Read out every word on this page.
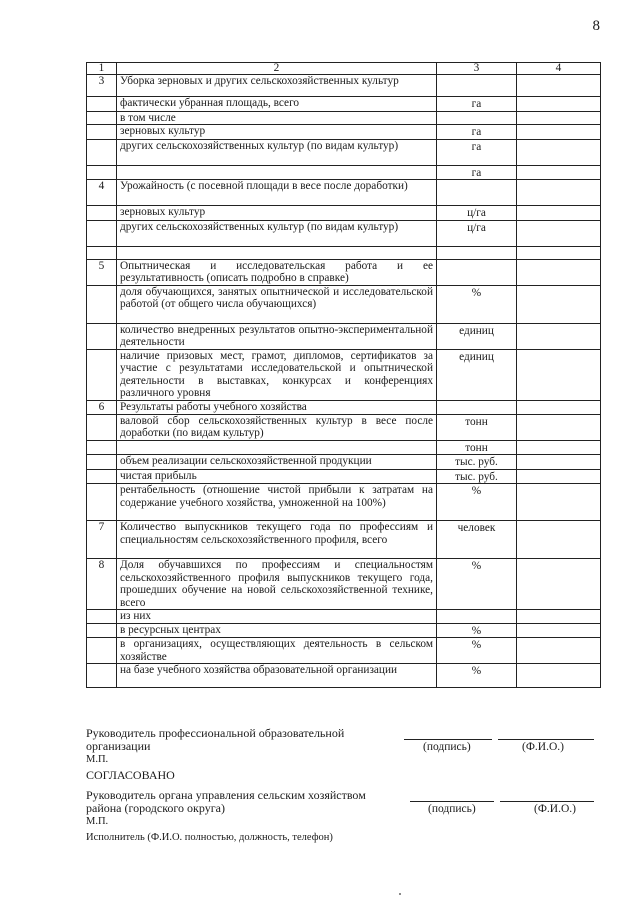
8
1	2	3	4
3	Уборка зерновых и других сельскохозяйственных культур		
	фактически убранная площадь, всего	га	
	в том числе		
	зерновых культур	га	
	других сельскохозяйственных культур (по видам культур)	га	
		га	
4	Урожайность (с посевной площади в весе после доработки)		
	зерновых культур	ц/га	
	других сельскохозяйственных культур (по видам культур)	ц/га	

5	Опытническая и исследовательская работа и ее результативность (описать подробно в справке)		
	доля обучающихся, занятых опытнической и исследовательской работой (от общего числа обучающихся)	%	
	количество внедренных результатов опытно-экспериментальной деятельности	единиц	
	наличие призовых мест, грамот, дипломов, сертификатов за участие с результатами исследовательской и опытнической деятельности в выставках, конкурсах и конференциях различного уровня	единиц	
6	Результаты работы учебного хозяйства		
	валовой сбор сельскохозяйственных культур в весе после доработки (по видам культур)	тонн	
		тонн	
	объем реализации сельскохозяйственной продукции	тыс. руб.	
	чистая прибыль	тыс. руб.	
	рентабельность (отношение чистой прибыли к затратам на содержание учебного хозяйства, умноженной на 100%)	%	
7	Количество выпускников текущего года по профессиям и специальностям сельскохозяйственного профиля, всего	человек	
8	Доля обучавшихся по профессиям и специальностям сельскохозяйственного профиля выпускников текущего года, прошедших обучение на новой сельскохозяйственной технике, всего	%	
	из них		
	в ресурсных центрах	%	
	в организациях, осуществляющих деятельность в сельском хозяйстве	%	
	на базе учебного хозяйства образовательной организации	%	
Руководитель профессиональной образовательной организации
М.П.
(подпись)	(Ф.И.О.)
СОГЛАСОВАНО
Руководитель органа управления сельским хозяйством района (городского округа)
М.П.
(подпись)	(Ф.И.О.)
Исполнитель (Ф.И.О. полностью, должность, телефон)
